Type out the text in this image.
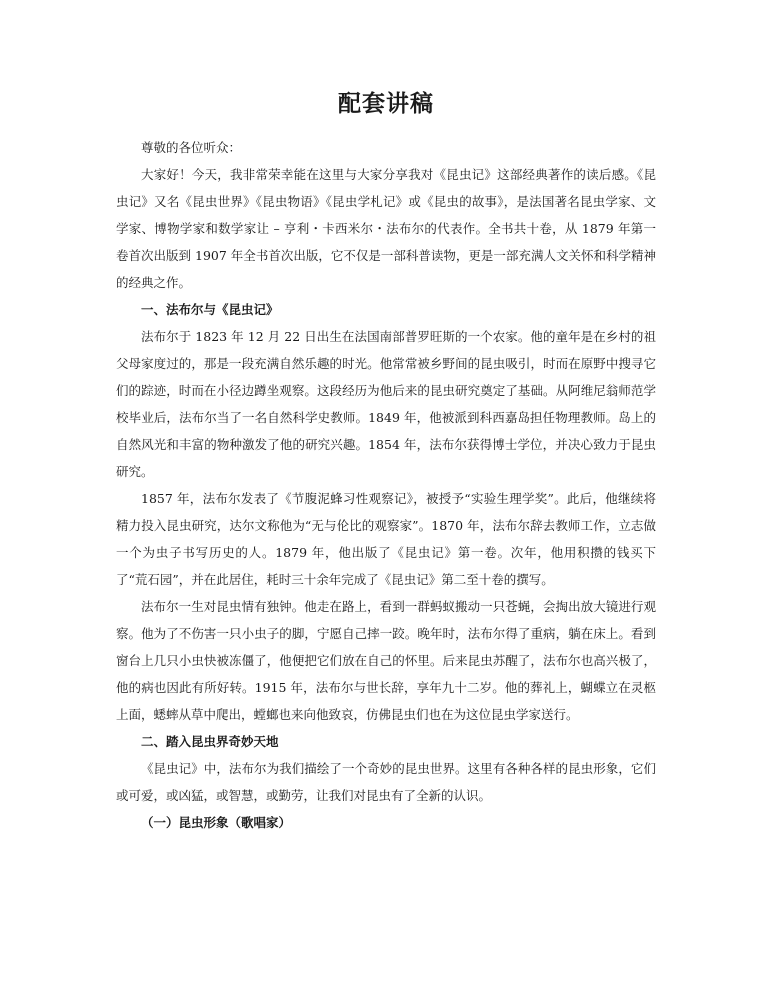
配套讲稿

尊敬的各位听众：

大家好！今天，我非常荣幸能在这里与大家分享我对《昆虫记》这部经典著作的读后感。《昆虫记》又名《昆虫世界》《昆虫物语》《昆虫学札记》或《昆虫的故事》，是法国著名昆虫学家、文学家、博物学家和数学家让 – 亨利・卡西米尔・法布尔的代表作。全书共十卷，从 1879 年第一卷首次出版到 1907 年全书首次出版，它不仅是一部科普读物，更是一部充满人文关怀和科学精神的经典之作。

一、法布尔与《昆虫记》

法布尔于 1823 年 12 月 22 日出生在法国南部普罗旺斯的一个农家。他的童年是在乡村的祖父母家度过的，那是一段充满自然乐趣的时光。他常常被乡野间的昆虫吸引，时而在原野中搜寻它们的踪迹，时而在小径边蹲坐观察。这段经历为他后来的昆虫研究奠定了基础。从阿维尼翁师范学校毕业后，法布尔当了一名自然科学史教师。1849 年，他被派到科西嘉岛担任物理教师。岛上的自然风光和丰富的物种激发了他的研究兴趣。1854 年，法布尔获得博士学位，并决心致力于昆虫研究。

1857 年，法布尔发表了《节腹泥蜂习性观察记》，被授予“实验生理学奖”。此后，他继续将精力投入昆虫研究，达尔文称他为“无与伦比的观察家”。1870 年，法布尔辞去教师工作，立志做一个为虫子书写历史的人。1879 年，他出版了《昆虫记》第一卷。次年，他用积攒的钱买下了“荒石园”，并在此居住，耗时三十余年完成了《昆虫记》第二至十卷的撰写。

法布尔一生对昆虫情有独钟。他走在路上，看到一群蚂蚁搬动一只苍蝇，会掏出放大镜进行观察。他为了不伤害一只小虫子的脚，宁愿自己摔一跤。晚年时，法布尔得了重病，躺在床上。看到窗台上几只小虫快被冻僵了，他便把它们放在自己的怀里。后来昆虫苏醒了，法布尔也高兴极了，他的病也因此有所好转。1915 年，法布尔与世长辞，享年九十二岁。他的葬礼上，蝴蝶立在灵柩上面，蟋蟀从草中爬出，螳螂也来向他致哀，仿佛昆虫们也在为这位昆虫学家送行。

二、踏入昆虫界奇妙天地

《昆虫记》中，法布尔为我们描绘了一个奇妙的昆虫世界。这里有各种各样的昆虫形象，它们或可爱，或凶猛，或智慧，或勤劳，让我们对昆虫有了全新的认识。

（一）昆虫形象（歌唱家）
